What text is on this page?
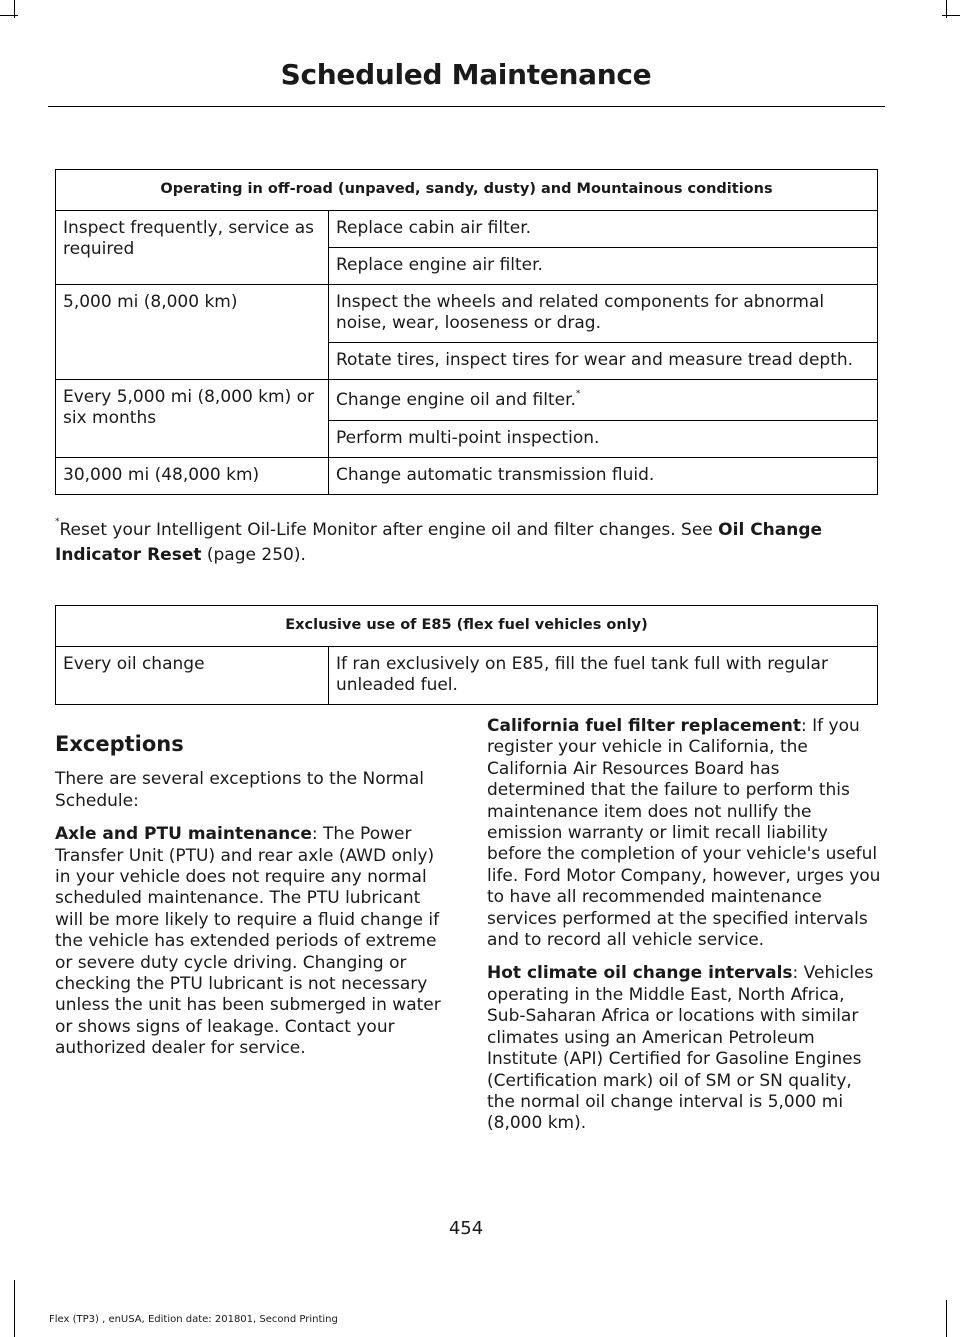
Scheduled Maintenance
Operating in off-road (unpaved, sandy, dusty) and Mountainous conditions	
Inspect frequently, service as required	Replace cabin air filter.
	Replace engine air filter.
5,000 mi (8,000 km)	Inspect the wheels and related components for abnormal noise, wear, looseness or drag.
	Rotate tires, inspect tires for wear and measure tread depth.
Every 5,000 mi (8,000 km) or six months	Change engine oil and filter.*
	Perform multi-point inspection.
30,000 mi (48,000 km)	Change automatic transmission fluid.
*Reset your Intelligent Oil-Life Monitor after engine oil and filter changes. See Oil Change Indicator Reset (page 250).
Exclusive use of E85 (flex fuel vehicles only)
Every oil change	If ran exclusively on E85, fill the fuel tank full with regular unleaded fuel.
Exceptions

There are several exceptions to the Normal Schedule:

Axle and PTU maintenance: The Power Transfer Unit (PTU) and rear axle (AWD only) in your vehicle does not require any normal scheduled maintenance. The PTU lubricant will be more likely to require a fluid change if the vehicle has extended periods of extreme or severe duty cycle driving. Changing or checking the PTU lubricant is not necessary unless the unit has been submerged in water or shows signs of leakage. Contact your authorized dealer for service.

California fuel filter replacement: If you register your vehicle in California, the California Air Resources Board has determined that the failure to perform this maintenance item does not nullify the emission warranty or limit recall liability before the completion of your vehicle's useful life. Ford Motor Company, however, urges you to have all recommended maintenance services performed at the specified intervals and to record all vehicle service.

Hot climate oil change intervals: Vehicles operating in the Middle East, North Africa, Sub-Saharan Africa or locations with similar climates using an American Petroleum Institute (API) Certified for Gasoline Engines (Certification mark) oil of SM or SN quality, the normal oil change interval is 5,000 mi (8,000 km).

454
Flex (TP3) , enUSA, Edition date: 201801, Second Printing
